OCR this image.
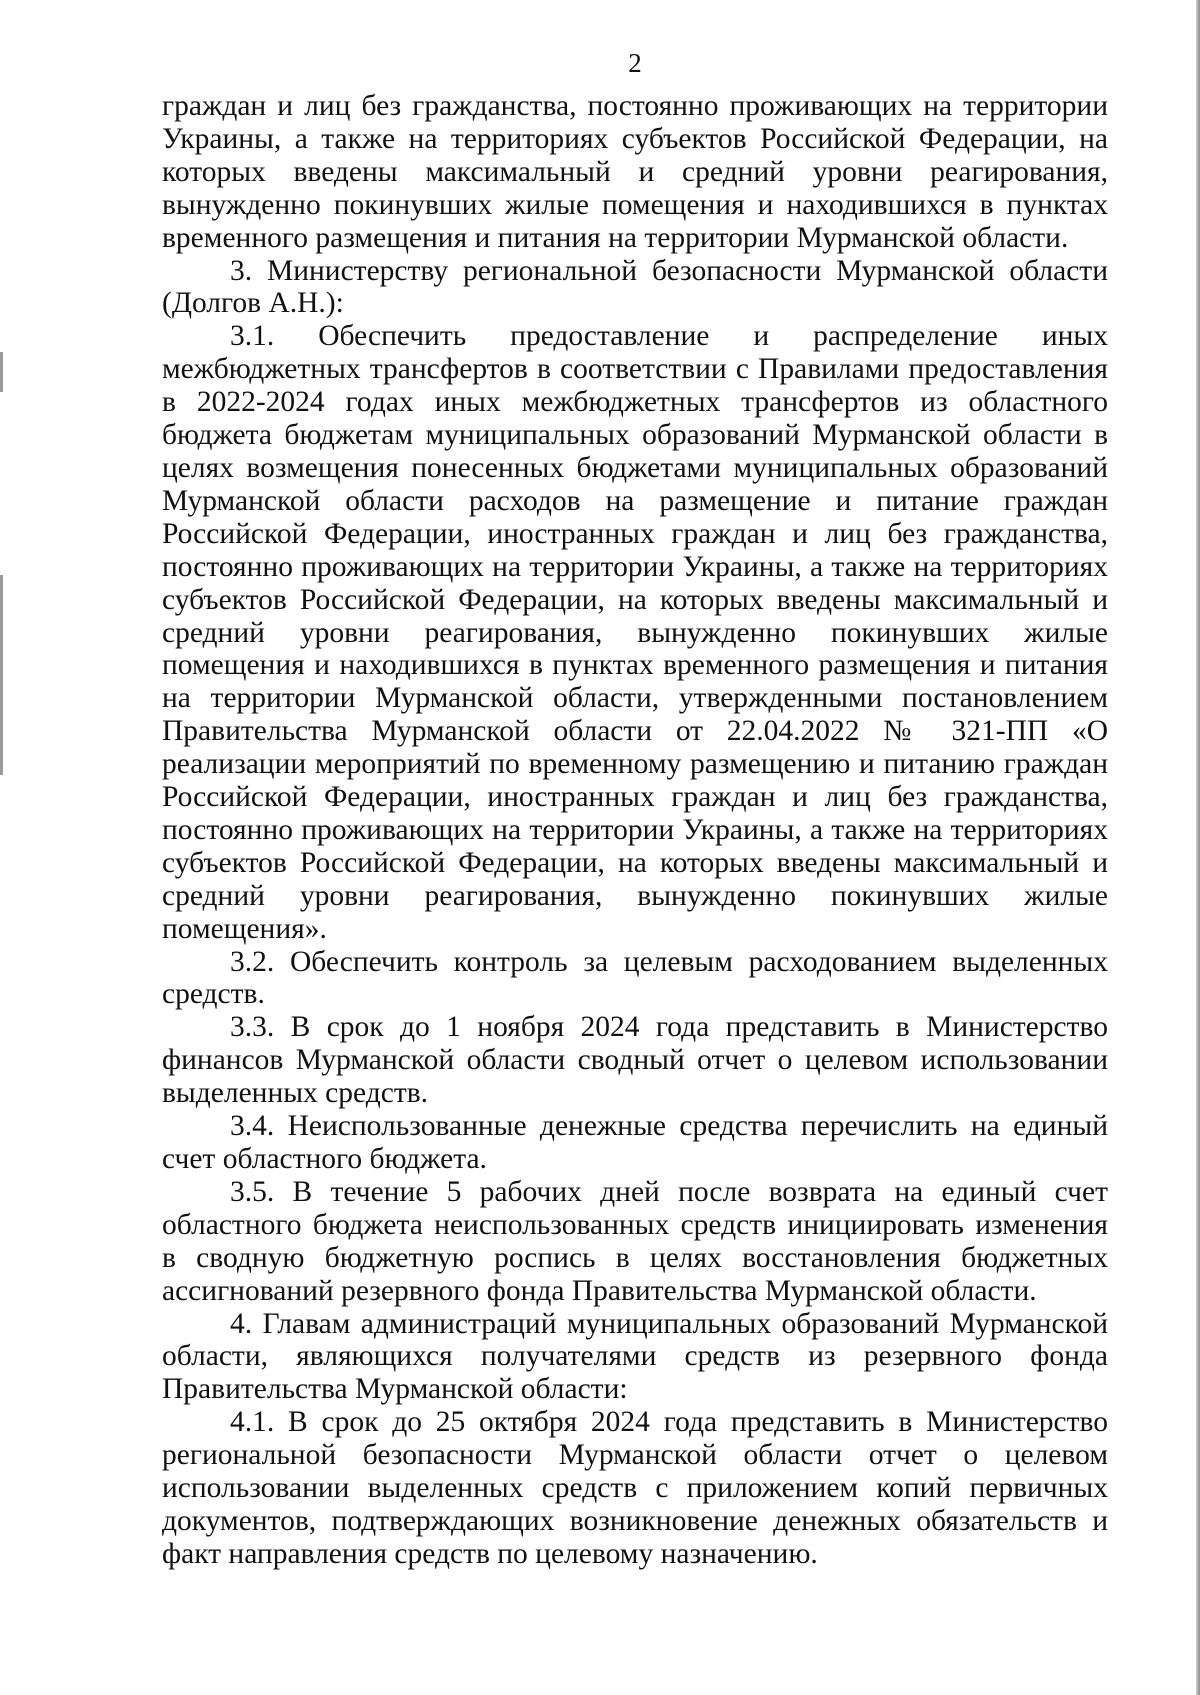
2

граждан и лиц без гражданства, постоянно проживающих на территории Украины, а также на территориях субъектов Российской Федерации, на которых введены максимальный и средний уровни реагирования, вынужденно покинувших жилые помещения и находившихся в пунктах временного размещения и питания на территории Мурманской области.

3. Министерству региональной безопасности Мурманской области (Долгов А.Н.):

3.1. Обеспечить предоставление и распределение иных межбюджетных трансфертов в соответствии с Правилами предоставления в 2022-2024 годах иных межбюджетных трансфертов из областного бюджета бюджетам муниципальных образований Мурманской области в целях возмещения понесенных бюджетами муниципальных образований Мурманской области расходов на размещение и питание граждан Российской Федерации, иностранных граждан и лиц без гражданства, постоянно проживающих на территории Украины, а также на территориях субъектов Российской Федерации, на которых введены максимальный и средний уровни реагирования, вынужденно покинувших жилые помещения и находившихся в пунктах временного размещения и питания на территории Мурманской области, утвержденными постановлением Правительства Мурманской области от 22.04.2022 № 321-ПП «О реализации мероприятий по временному размещению и питанию граждан Российской Федерации, иностранных граждан и лиц без гражданства, постоянно проживающих на территории Украины, а также на территориях субъектов Российской Федерации, на которых введены максимальный и средний уровни реагирования, вынужденно покинувших жилые помещения».

3.2. Обеспечить контроль за целевым расходованием выделенных средств.

3.3. В срок до 1 ноября 2024 года представить в Министерство финансов Мурманской области сводный отчет о целевом использовании выделенных средств.

3.4. Неиспользованные денежные средства перечислить на единый счет областного бюджета.

3.5. В течение 5 рабочих дней после возврата на единый счет областного бюджета неиспользованных средств инициировать изменения в сводную бюджетную роспись в целях восстановления бюджетных ассигнований резервного фонда Правительства Мурманской области.

4. Главам администраций муниципальных образований Мурманской области, являющихся получателями средств из резервного фонда Правительства Мурманской области:

4.1. В срок до 25 октября 2024 года представить в Министерство региональной безопасности Мурманской области отчет о целевом использовании выделенных средств с приложением копий первичных документов, подтверждающих возникновение денежных обязательств и факт направления средств по целевому назначению.
